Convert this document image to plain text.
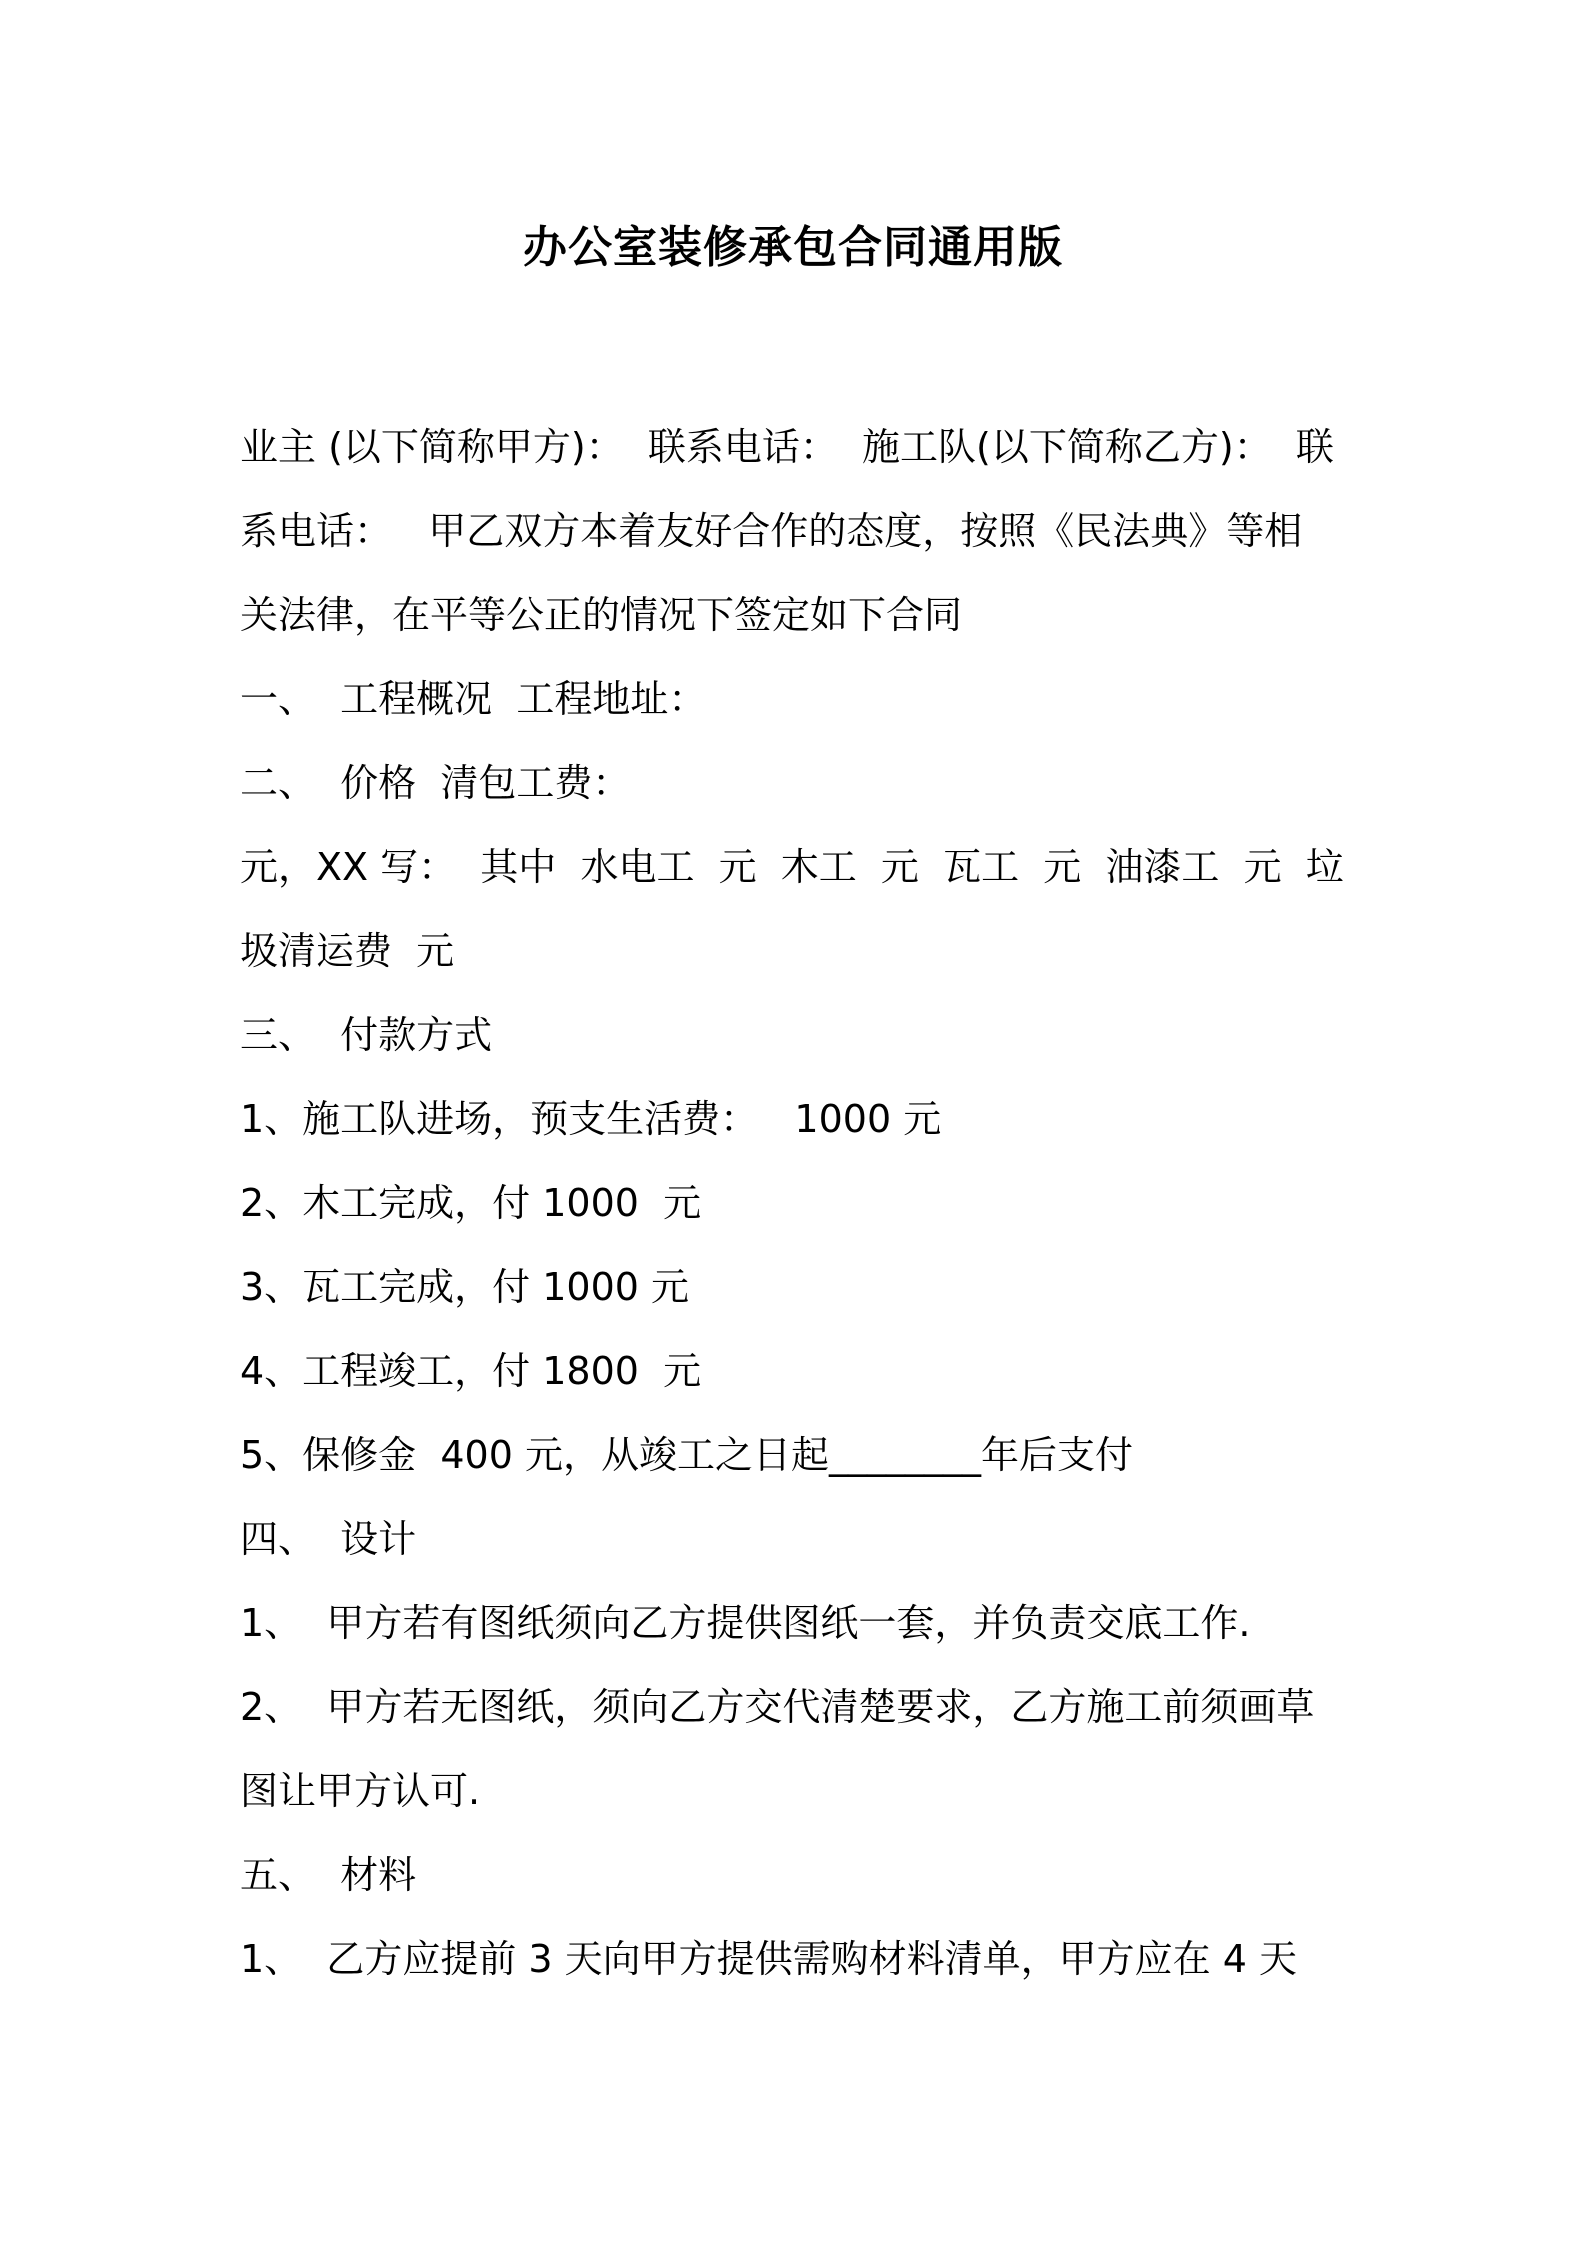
办公室装修承包合同通用版
业主 (以下简称甲方)：  联系电话：  施工队(以下简称乙方)：  联
系电话：   甲乙双方本着友好合作的态度，按照《民法典》等相
关法律，在平等公正的情况下签定如下合同
一、  工程概况  工程地址：
二、  价格  清包工费：
元，XX 写：  其中  水电工  元  木工  元  瓦工  元  油漆工  元  垃
圾清运费  元
三、  付款方式
1、施工队进场，预支生活费：   1000 元
2、木工完成，付 1000  元
3、瓦工完成，付 1000 元
4、工程竣工，付 1800  元
5、保修金  400 元，从竣工之日起________年后支付
四、  设计
1、  甲方若有图纸须向乙方提供图纸一套，并负责交底工作.
2、  甲方若无图纸，须向乙方交代清楚要求，乙方施工前须画草
图让甲方认可.
五、  材料
1、  乙方应提前 3 天向甲方提供需购材料清单，甲方应在 4 天
